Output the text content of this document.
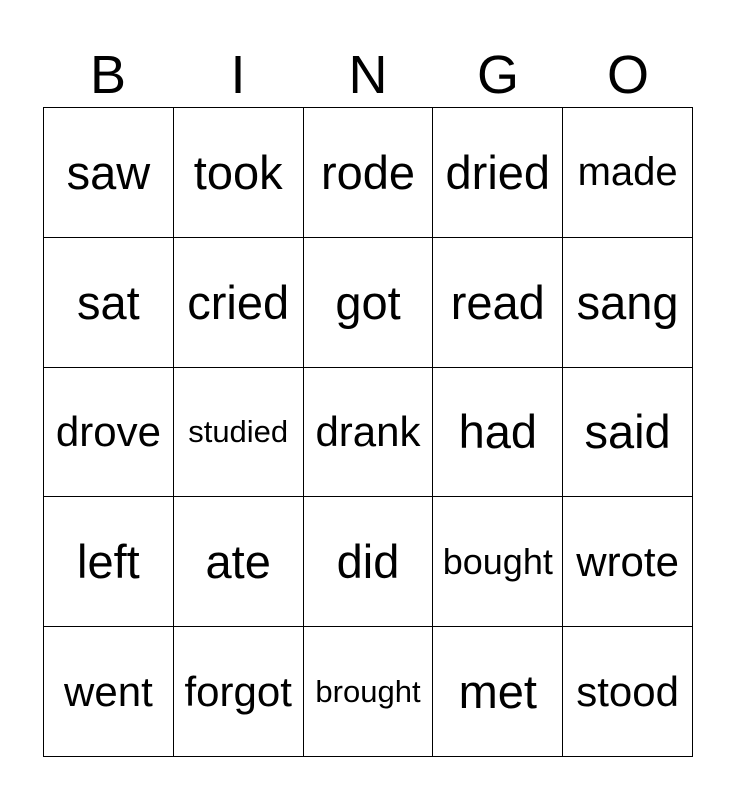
B	I	N	G	O
saw took rode dried made
sat	cried got	read sang
drove studied drank had	said
left	ate	did	bought wrote
went forgot brought met stood
